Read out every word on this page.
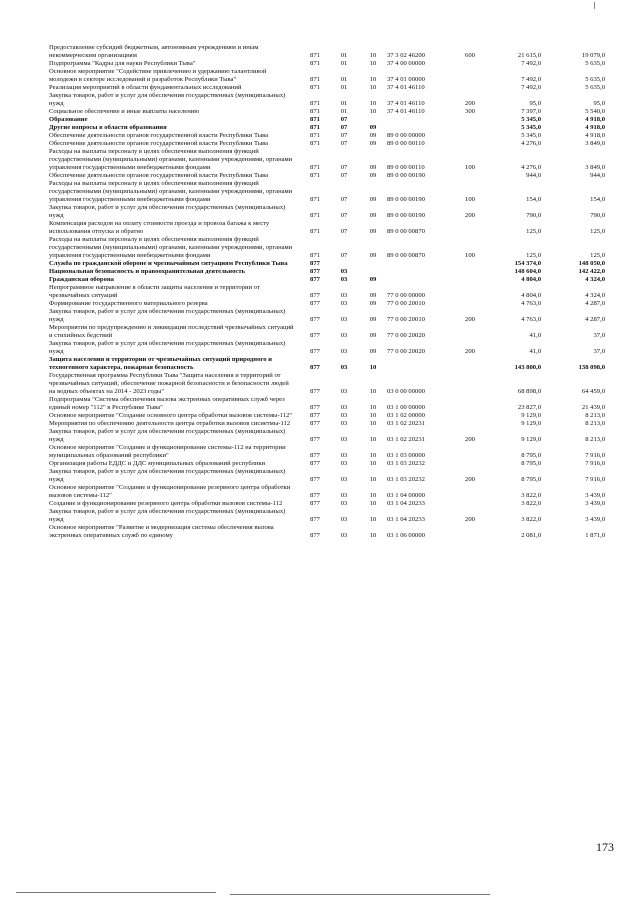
Предоставление субсидий бюджетным, автономным учреждениям и иным некоммерческим организациям	871	01	10	37 3 02 46200	600	21 615,0	19 079,0
Подпрограмма "Кадры для науки Республики Тыва"	871	01	10	37 4 00 00000		7 492,0	5 635,0
Основное мероприятие "Содействие привлечению и удержанию талантливой молодежи в секторе исследований и разработок Республики Тыва"	871	01	10	37 4 01 00000		7 492,0	5 635,0
Реализация мероприятий в области фундаментальных исследований	871	01	10	37 4 01 46110		7 492,0	5 635,0
Закупка товаров, работ и услуг для обеспечения государственных (муниципальных) нужд	871	01	10	37 4 01 46110	200	95,0	95,0
Социальное обеспечение и иные выплаты населению	871	01	10	37 4 01 46110	300	7 397,0	5 540,0
Образование	871	07				5 345,0	4 918,0
Другие вопросы в области образования	871	07	09			5 345,0	4 918,0
Обеспечение деятельности органов государственной власти Республики Тыва	871	07	09	89 0 00 00000		5 345,0	4 918,0
Обеспечение деятельности органов государственной власти Республики Тыва	871	07	09	89 0 00 00110		4 276,0	3 849,0
Расходы на выплаты персоналу в целях обеспечения выполнения функций государственными (муниципальными) органами, казенными учреждениями, органами управления государственными внебюджетными фондами	871	07	09	89 0 00 00110	100	4 276,0	3 849,0
Обеспечение деятельности органов государственной власти Республики Тыва	871	07	09	89 0 00 00190		944,0	944,0
Расходы на выплаты персоналу в целях обеспечения выполнения функций государственными (муниципальными) органами, казенными учреждениями, органами управления государственными внебюджетными фондами	871	07	09	89 0 00 00190	100	154,0	154,0
Закупка товаров, работ и услуг для обеспечения государственных (муниципальных) нужд	871	07	09	89 0 00 00190	200	790,0	790,0
Компенсация расходов на оплату стоимости проезда и провоза багажа к месту использования отпуска и обратно	871	07	09	89 0 00 00870		125,0	125,0
Расходы на выплаты персоналу в целях обеспечения выполнения функций государственными (муниципальными) органами, казенными учреждениями, органами управления государственными внебюджетными фондами	871	07	09	89 0 00 00870	100	125,0	125,0
Служба по гражданской обороне и чрезвычайным ситуациям Республики Тыва	877					154 374,0	148 050,0
Национальная безопасность и правоохранительная деятельность	877	03				148 604,0	142 422,0
Гражданская оборона	877	03	09			4 804,0	4 324,0
Непрограммное направление в области защиты населения и территории от чрезвычайных ситуаций	877	03	09	77 0 00 00000		4 804,0	4 324,0
Формирование государственного материального резерва	877	03	09	77 0 00 20010		4 763,0	4 287,0
Закупка товаров, работ и услуг для обеспечения государственных (муниципальных) нужд	877	03	09	77 0 00 20010	200	4 763,0	4 287,0
Мероприятия по предупреждению и ликвидации последствий чрезвычайных ситуаций и стихийных бедствий	877	03	09	77 0 00 20020		41,0	37,0
Закупка товаров, работ и услуг для обеспечения государственных (муниципальных) нужд	877	03	09	77 0 00 20020	200	41,0	37,0
Защита населения и территории от чрезвычайных ситуаций природного и техногенного характера, пожарная безопасность	877	03	10			143 800,0	138 098,0
Государственная программа Республики Тыва "Защита населения и территорий от чрезвычайных ситуаций, обеспечение пожарной безопасности и безопасности людей на водных объектах на 2014 - 2023 годы"	877	03	10	03 0 00 00000		68 898,0	64 459,0
Подпрограмма "Система обеспечения вызова экстренных оперативных служб через единый номер "112" в Республике Тыва"	877	03	10	03 1 00 00000		23 827,0	21 439,0
Основное мероприятие "Создание основного центра обработки вызовов системы-112"	877	03	10	03 1 02 00000		9 129,0	8 213,0
Мероприятия по обеспечению деятельности центра отработки вызовов сисиетмы-112	877	03	10	03 1 02 20231		9 129,0	8 213,0
Закупка товаров, работ и услуг для обеспечения государственных (муниципальных) нужд	877	03	10	03 1 02 20231	200	9 129,0	8 213,0
Основное мероприятие "Создание и функционирование системы-112 на территории муниципальных образований республики"	877	03	10	03 1 03 00000		8 795,0	7 916,0
Организация работы ЕДДС и ДДС муниципальных образований республики	877	03	10	03 1 03 20232		8 795,0	7 916,0
Закупка товаров, работ и услуг для обеспечения государственных (муниципальных) нужд	877	03	10	03 1 03 20232	200	8 795,0	7 916,0
Основное мероприятие "Создание и функционирование резервного центра обработки вызовов системы-112"	877	03	10	03 1 04 00000		3 822,0	3 439,0
Создание и функционирование резервного центра обработки вызовов системы-112	877	03	10	03 1 04 20233		3 822,0	3 439,0
Закупка товаров, работ и услуг для обеспечения государственных (муниципальных) нужд	877	03	10	03 1 04 20233	200	3 822,0	3 439,0
Основное мероприятие "Развитие и модернизация системы обеспечения вызова экстренных оперативных служб по единому	877	03	10	03 1 06 00000		2 081,0	1 871,0
173
